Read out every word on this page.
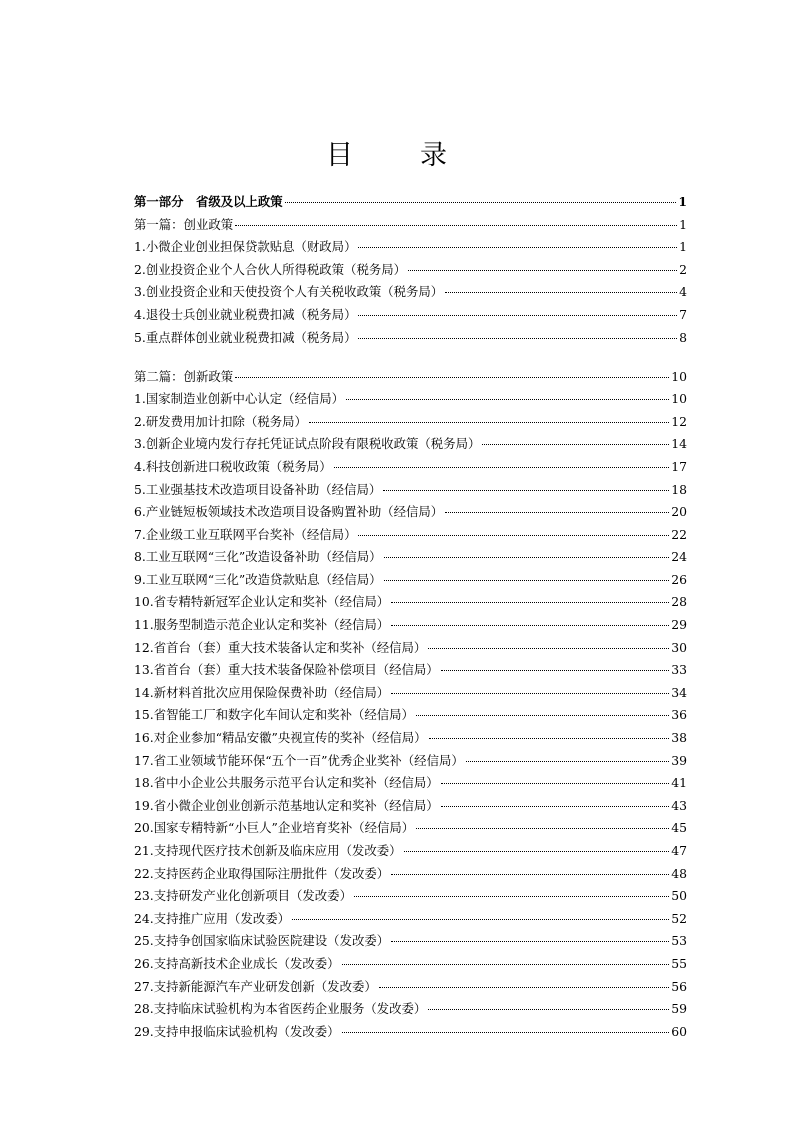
目　录
第一部分　省级及以上政策	1
第一篇：创业政策	1
1.小微企业创业担保贷款贴息（财政局）	1
2.创业投资企业个人合伙人所得税政策（税务局）	2
3.创业投资企业和天使投资个人有关税收政策（税务局）	4
4.退役士兵创业就业税费扣减（税务局）	7
5.重点群体创业就业税费扣减（税务局）	8
第二篇：创新政策	10
1.国家制造业创新中心认定（经信局）	10
2.研发费用加计扣除（税务局）	12
3.创新企业境内发行存托凭证试点阶段有限税收政策（税务局）	14
4.科技创新进口税收政策（税务局）	17
5.工业强基技术改造项目设备补助（经信局）	18
6.产业链短板领域技术改造项目设备购置补助（经信局）	20
7.企业级工业互联网平台奖补（经信局）	22
8.工业互联网“三化”改造设备补助（经信局）	24
9.工业互联网“三化”改造贷款贴息（经信局）	26
10.省专精特新冠军企业认定和奖补（经信局）	28
11.服务型制造示范企业认定和奖补（经信局）	29
12.省首台（套）重大技术装备认定和奖补（经信局）	30
13.省首台（套）重大技术装备保险补偿项目（经信局）	33
14.新材料首批次应用保险保费补助（经信局）	34
15.省智能工厂和数字化车间认定和奖补（经信局）	36
16.对企业参加“精品安徽”央视宣传的奖补（经信局）	38
17.省工业领域节能环保“五个一百”优秀企业奖补（经信局）	39
18.省中小企业公共服务示范平台认定和奖补（经信局）	41
19.省小微企业创业创新示范基地认定和奖补（经信局）	43
20.国家专精特新“小巨人”企业培育奖补（经信局）	45
21.支持现代医疗技术创新及临床应用（发改委）	47
22.支持医药企业取得国际注册批件（发改委）	48
23.支持研发产业化创新项目（发改委）	50
24.支持推广应用（发改委）	52
25.支持争创国家临床试验医院建设（发改委）	53
26.支持高新技术企业成长（发改委）	55
27.支持新能源汽车产业研发创新（发改委）	56
28.支持临床试验机构为本省医药企业服务（发改委）	59
29.支持申报临床试验机构（发改委）	60
